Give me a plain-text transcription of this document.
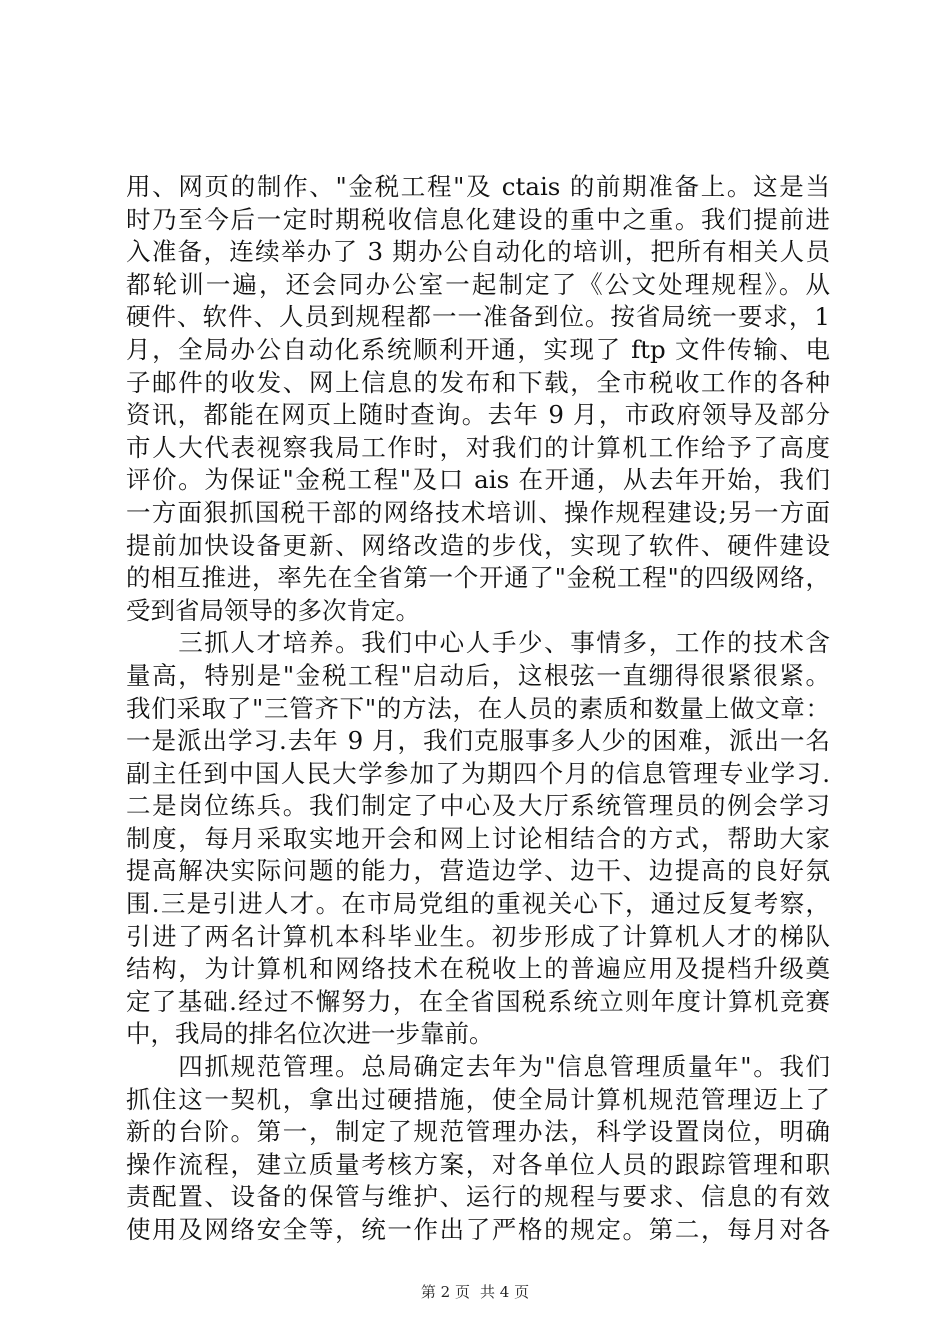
用、网页的制作、"金税工程"及 ctais 的前期准备上。这是当
时乃至今后一定时期税收信息化建设的重中之重。我们提前进
入准备，连续举办了 3 期办公自动化的培训，把所有相关人员
都轮训一遍，还会同办公室一起制定了《公文处理规程》。从
硬件、软件、人员到规程都一一准备到位。按省局统一要求，1
月，全局办公自动化系统顺利开通，实现了 ftp 文件传输、电
子邮件的收发、网上信息的发布和下载，全市税收工作的各种
资讯，都能在网页上随时查询。去年 9 月，市政府领导及部分
市人大代表视察我局工作时，对我们的计算机工作给予了高度
评价。为保证"金税工程"及口 ais 在开通，从去年开始，我们
一方面狠抓国税干部的网络技术培训、操作规程建设;另一方面
提前加快设备更新、网络改造的步伐，实现了软件、硬件建设
的相互推进，率先在全省第一个开通了"金税工程"的四级网络，
受到省局领导的多次肯定。
　　三抓人才培养。我们中心人手少、事情多，工作的技术含
量高，特别是"金税工程"启动后，这根弦一直绷得很紧很紧。
我们采取了"三管齐下"的方法，在人员的素质和数量上做文章：
一是派出学习.去年 9 月，我们克服事多人少的困难，派出一名
副主任到中国人民大学参加了为期四个月的信息管理专业学习.
二是岗位练兵。我们制定了中心及大厅系统管理员的例会学习
制度，每月采取实地开会和网上讨论相结合的方式，帮助大家
提高解决实际问题的能力，营造边学、边干、边提高的良好氛
围.三是引进人才。在市局党组的重视关心下，通过反复考察，
引进了两名计算机本科毕业生。初步形成了计算机人才的梯队
结构，为计算机和网络技术在税收上的普遍应用及提档升级奠
定了基础.经过不懈努力，在全省国税系统立则年度计算机竞赛
中，我局的排名位次进一步靠前。
　　四抓规范管理。总局确定去年为"信息管理质量年"。我们
抓住这一契机，拿出过硬措施，使全局计算机规范管理迈上了
新的台阶。第一，制定了规范管理办法，科学设置岗位，明确
操作流程，建立质量考核方案，对各单位人员的跟踪管理和职
责配置、设备的保管与维护、运行的规程与要求、信息的有效
使用及网络安全等，统一作出了严格的规定。第二，每月对各
第 2 页 共 4 页
